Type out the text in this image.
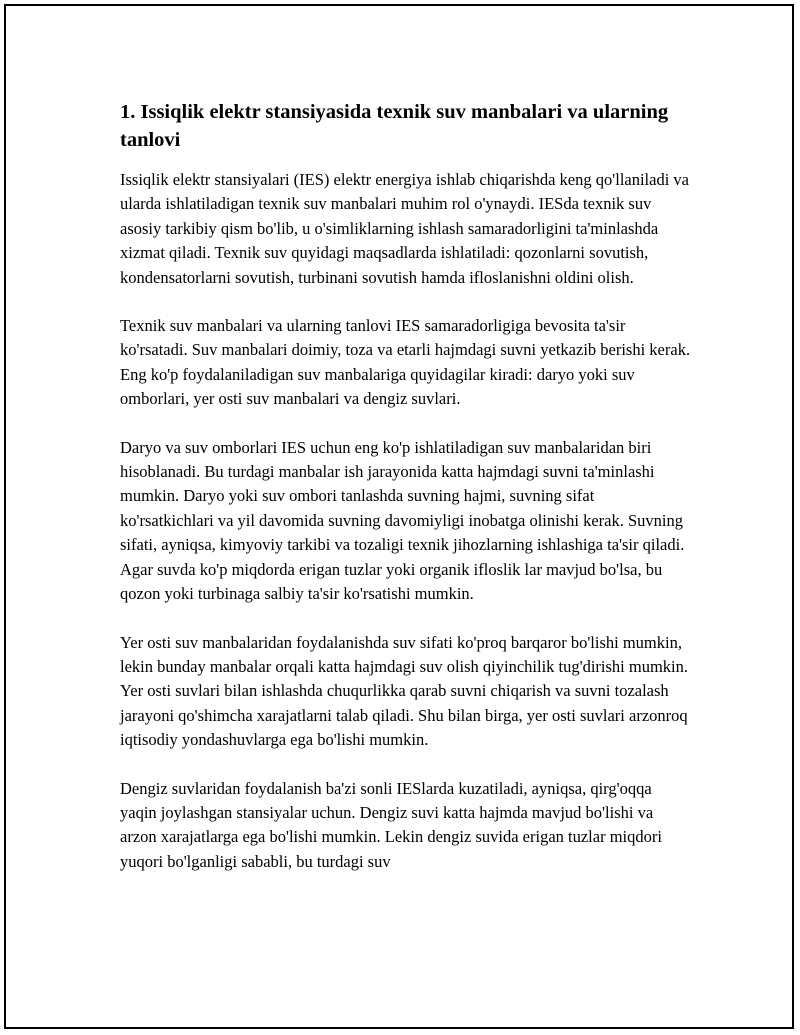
1. Issiqlik elektr stansiyasida texnik suv manbalari va ularning tanlovi

Issiqlik elektr stansiyalari (IES) elektr energiya ishlab chiqarishda keng qo'llaniladi va ularda ishlatiladigan texnik suv manbalari muhim rol o'ynaydi. IESda texnik suv asosiy tarkibiy qism bo'lib, u o'simliklarning ishlash samaradorligini ta'minlashda xizmat qiladi. Texnik suv quyidagi maqsadlarda ishlatiladi: qozonlarni sovutish, kondensatorlarni sovutish, turbinani sovutish hamda ifloslanishni oldini olish.

Texnik suv manbalari va ularning tanlovi IES samaradorligiga bevosita ta'sir ko'rsatadi. Suv manbalari doimiy, toza va etarli hajmdagi suvni yetkazib berishi kerak. Eng ko'p foydalaniladigan suv manbalariga quyidagilar kiradi: daryo yoki suv omborlari, yer osti suv manbalari va dengiz suvlari.

Daryo va suv omborlari IES uchun eng ko'p ishlatiladigan suv manbalaridan biri hisoblanadi. Bu turdagi manbalar ish jarayonida katta hajmdagi suvni ta'minlashi mumkin. Daryo yoki suv ombori tanlashda suvning hajmi, suvning sifat ko'rsatkichlari va yil davomida suvning davomiyligi inobatga olinishi kerak. Suvning sifati, ayniqsa, kimyoviy tarkibi va tozaligi texnik jihozlarning ishlashiga ta'sir qiladi. Agar suvda ko'p miqdorda erigan tuzlar yoki organik ifloslik lar mavjud bo'lsa, bu qozon yoki turbinaga salbiy ta'sir ko'rsatishi mumkin.

Yer osti suv manbalaridan foydalanishda suv sifati ko'proq barqaror bo'lishi mumkin, lekin bunday manbalar orqali katta hajmdagi suv olish qiyinchilik tug'dirishi mumkin. Yer osti suvlari bilan ishlashda chuqurlikka qarab suvni chiqarish va suvni tozalash jarayoni qo'shimcha xarajatlarni talab qiladi. Shu bilan birga, yer osti suvlari arzonroq iqtisodiy yondashuvlarga ega bo'lishi mumkin.

Dengiz suvlaridan foydalanish ba'zi sonli IESlarda kuzatiladi, ayniqsa, qirg'oqqa yaqin joylashgan stansiyalar uchun. Dengiz suvi katta hajmda mavjud bo'lishi va arzon xarajatlarga ega bo'lishi mumkin. Lekin dengiz suvida erigan tuzlar miqdori yuqori bo'lganligi sababli, bu turdagi suv
